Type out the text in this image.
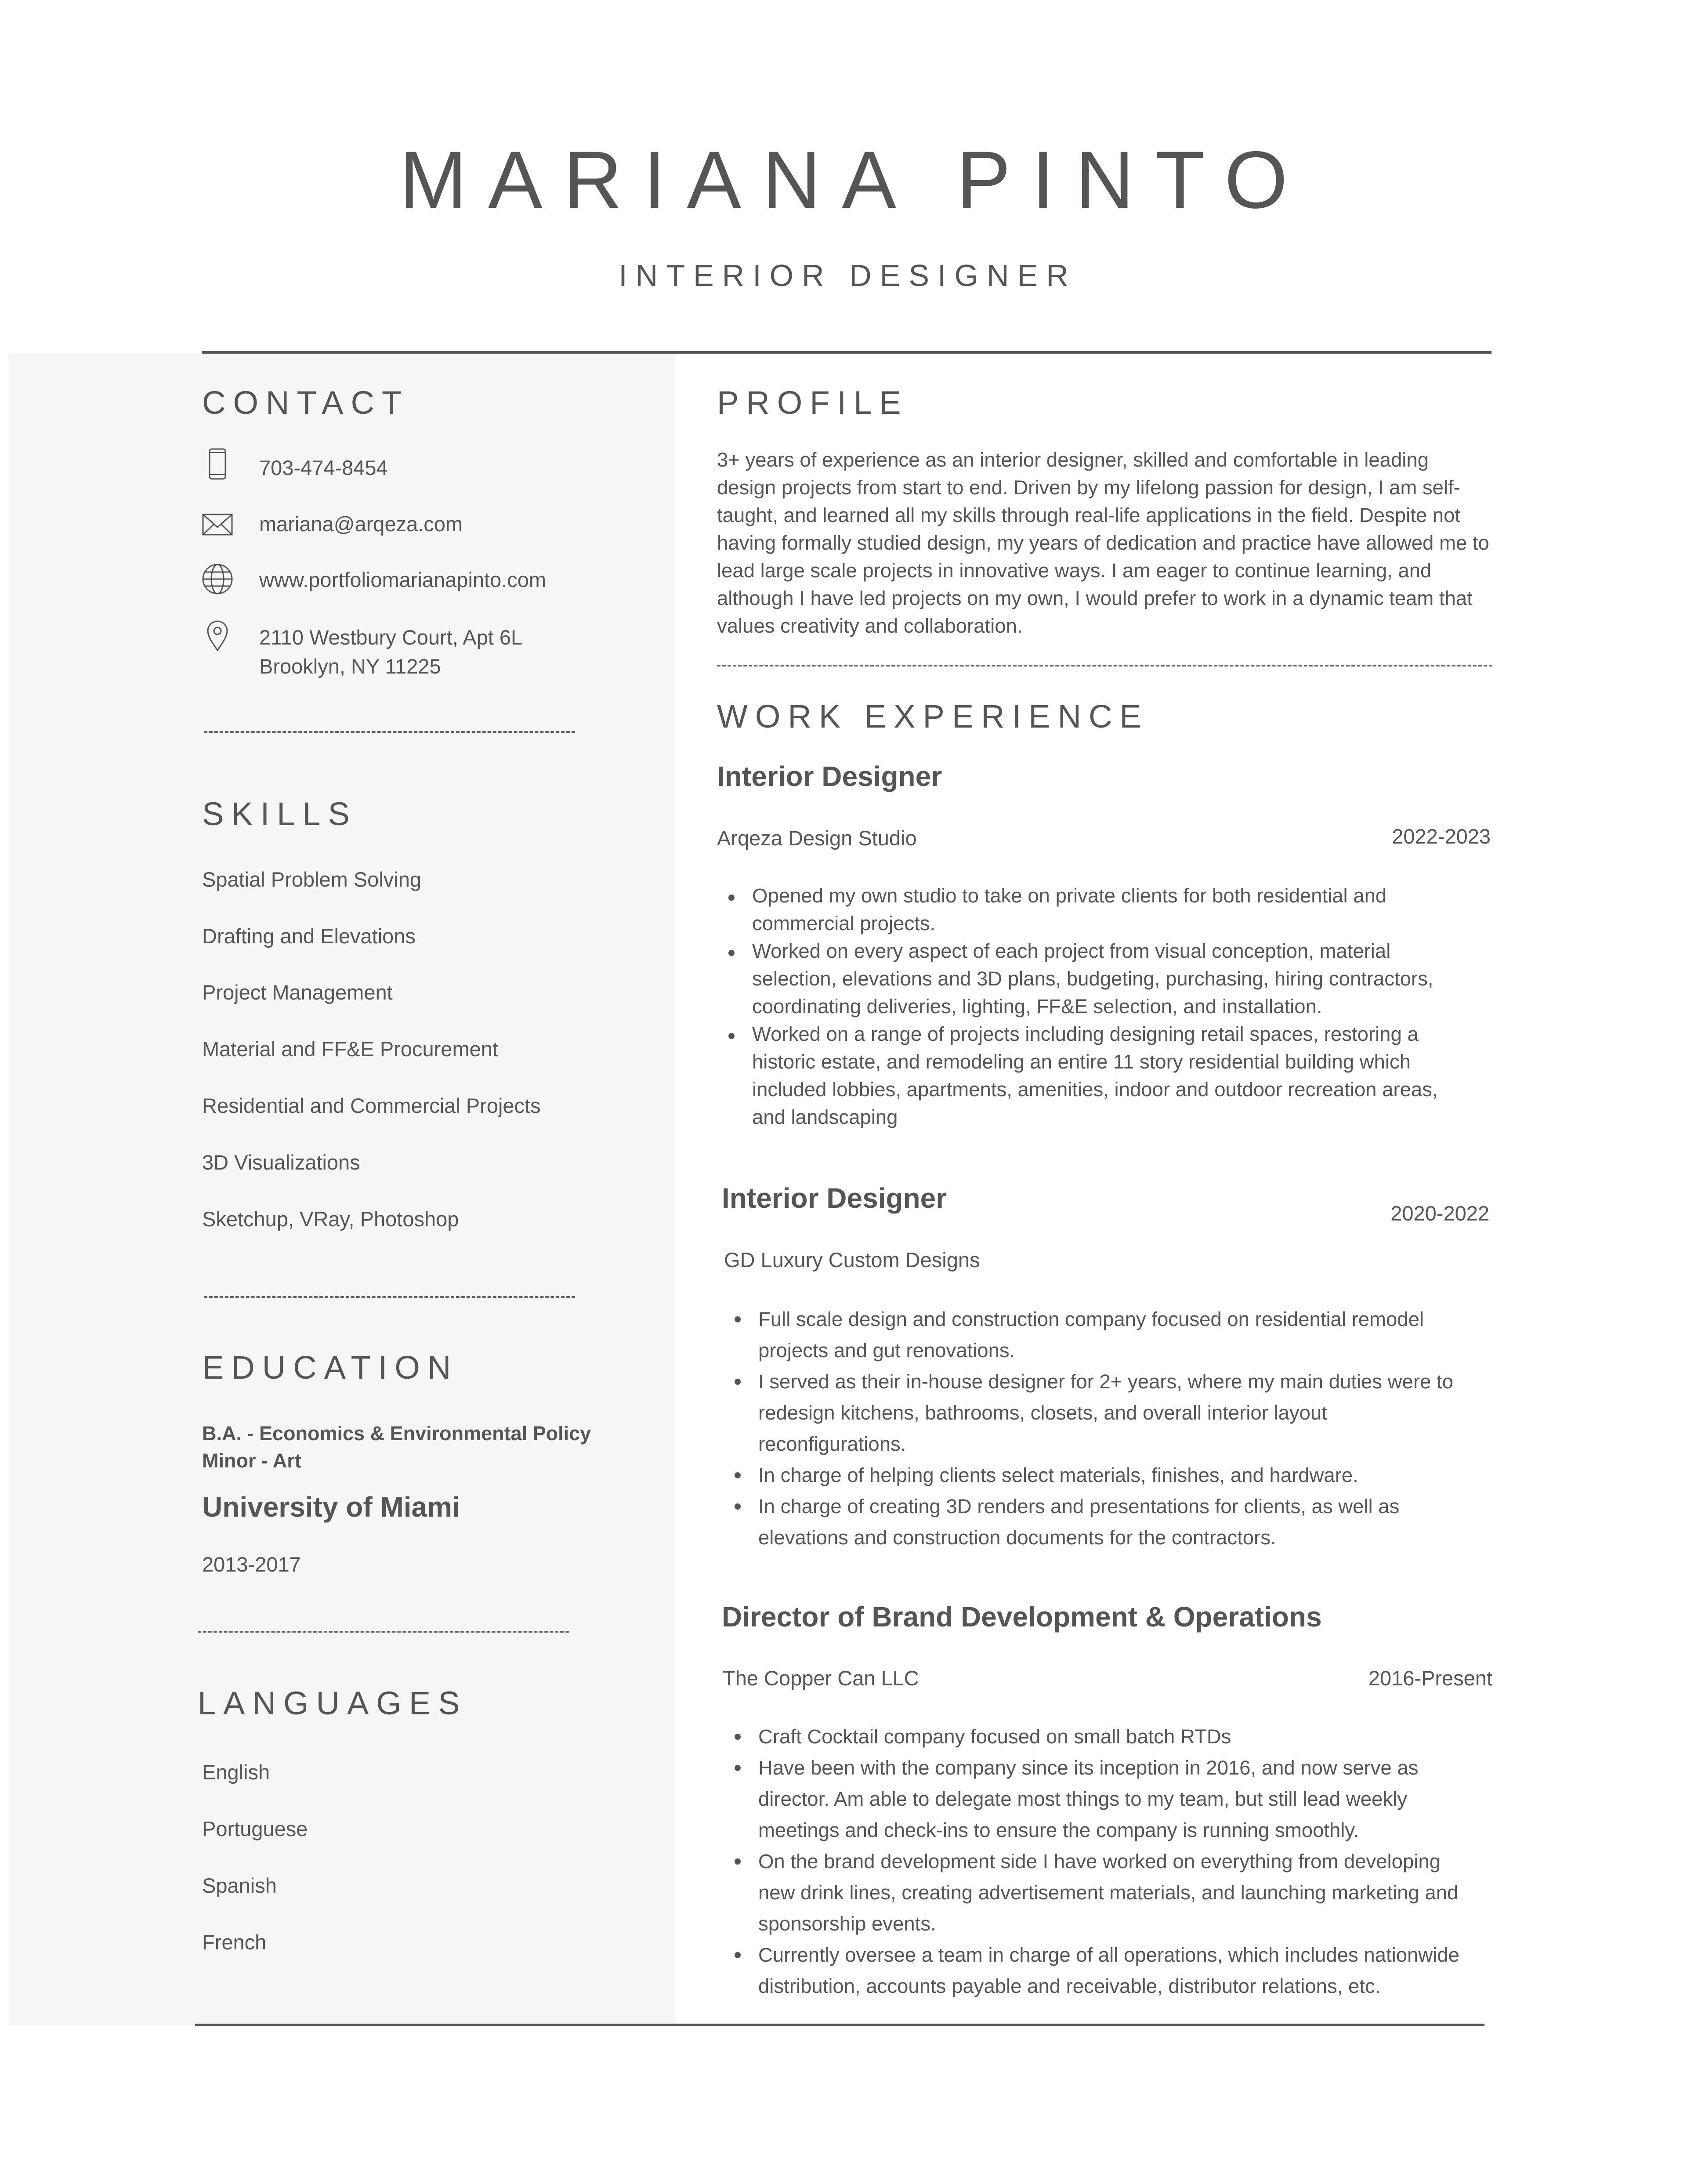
MARIANA PINTO
INTERIOR DESIGNER
CONTACT
703-474-8454
mariana@arqeza.com
www.portfoliomarianapinto.com
2110 Westbury Court, Apt 6L
Brooklyn, NY 11225
SKILLS
Spatial Problem Solving
Drafting and Elevations
Project Management
Material and FF&E Procurement
Residential and Commercial Projects
3D Visualizations
Sketchup, VRay, Photoshop
EDUCATION
B.A. - Economics & Environmental Policy
Minor - Art
University of Miami
2013-2017
LANGUAGES
English
Portuguese
Spanish
French
PROFILE
3+ years of experience as an interior designer, skilled and comfortable in leading design projects from start to end. Driven by my lifelong passion for design, I am self-taught, and learned all my skills through real-life applications in the field. Despite not having formally studied design, my years of dedication and practice have allowed me to lead large scale projects in innovative ways. I am eager to continue learning, and although I have led projects on my own, I would prefer to work in a dynamic team that values creativity and collaboration.
WORK EXPERIENCE
Interior Designer
Arqeza Design Studio	2022-2023
Opened my own studio to take on private clients for both residential and commercial projects.
Worked on every aspect of each project from visual conception, material selection, elevations and 3D plans, budgeting, purchasing, hiring contractors, coordinating deliveries, lighting, FF&E selection, and installation.
Worked on a range of projects including designing retail spaces, restoring a historic estate, and remodeling an entire 11 story residential building which included lobbies, apartments, amenities, indoor and outdoor recreation areas, and landscaping
Interior Designer	2020-2022
GD Luxury Custom Designs
Full scale design and construction company focused on residential remodel projects and gut renovations.
I served as their in-house designer for 2+ years, where my main duties were to redesign kitchens, bathrooms, closets, and overall interior layout reconfigurations.
In charge of helping clients select materials, finishes, and hardware.
In charge of creating 3D renders and presentations for clients, as well as elevations and construction documents for the contractors.
Director of Brand Development & Operations
The Copper Can LLC	2016-Present
Craft Cocktail company focused on small batch RTDs
Have been with the company since its inception in 2016, and now serve as director. Am able to delegate most things to my team, but still lead weekly meetings and check-ins to ensure the company is running smoothly.
On the brand development side I have worked on everything from developing new drink lines, creating advertisement materials, and launching marketing and sponsorship events.
Currently oversee a team in charge of all operations, which includes nationwide distribution, accounts payable and receivable, distributor relations, etc.
